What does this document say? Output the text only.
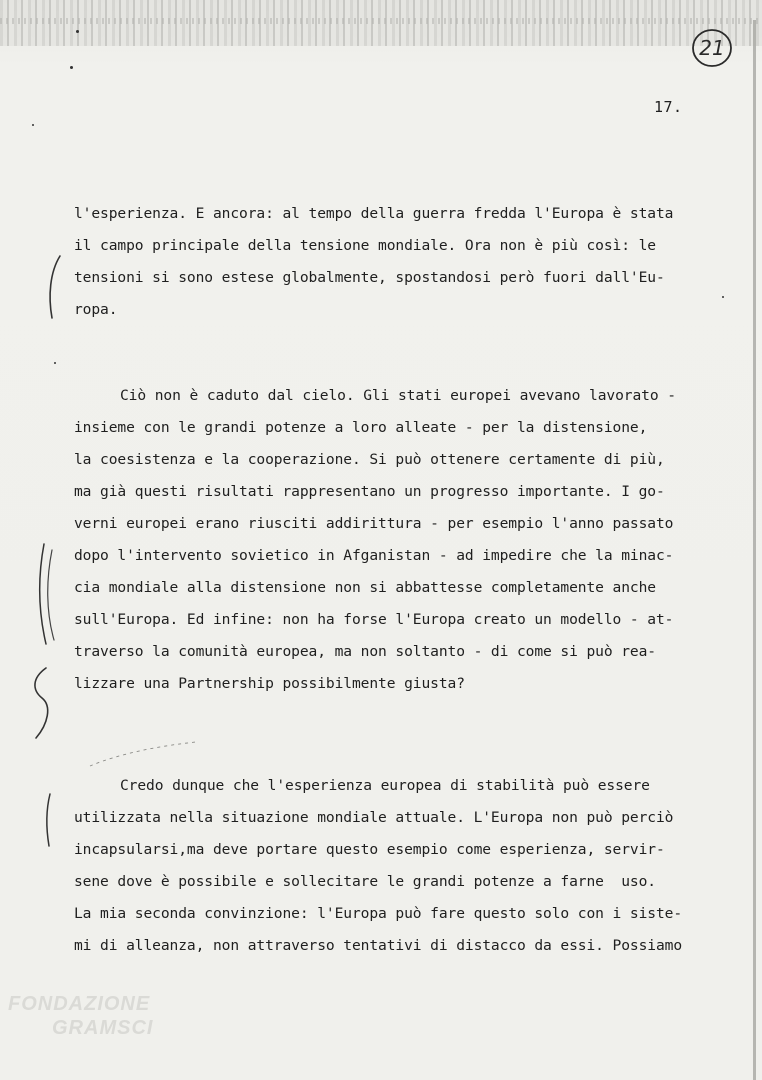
21
17.
l'esperienza. E ancora: al tempo della guerra fredda l'Europa è stata
il campo principale della tensione mondiale. Ora non è più così: le
tensioni si sono estese globalmente, spostandosi però fuori dall'Eu-
ropa.
Ciò non è caduto dal cielo. Gli stati europei avevano lavorato -
insieme con le grandi potenze a loro alleate - per la distensione,
la coesistenza e la cooperazione. Si può ottenere certamente di più,
ma già questi risultati rappresentano un progresso importante. I go-
verni europei erano riusciti addirittura - per esempio l'anno passato
dopo l'intervento sovietico in Afganistan - ad impedire che la minac-
cia mondiale alla distensione non si abbattesse completamente anche
sull'Europa. Ed infine: non ha forse l'Europa creato un modello - at-
traverso la comunità europea, ma non soltanto - di come si può rea-
lizzare una Partnership possibilmente giusta?
Credo dunque che l'esperienza europea di stabilità può essere
utilizzata nella situazione mondiale attuale. L'Europa non può perciò
incapsularsi,ma deve portare questo esempio come esperienza, servir-
sene dove è possibile e sollecitare le grandi potenze a farne  uso.
La mia seconda convinzione: l'Europa può fare questo solo con i siste-
mi di alleanza, non attraverso tentativi di distacco da essi. Possiamo
FONDAZIONE
GRAMSCI
